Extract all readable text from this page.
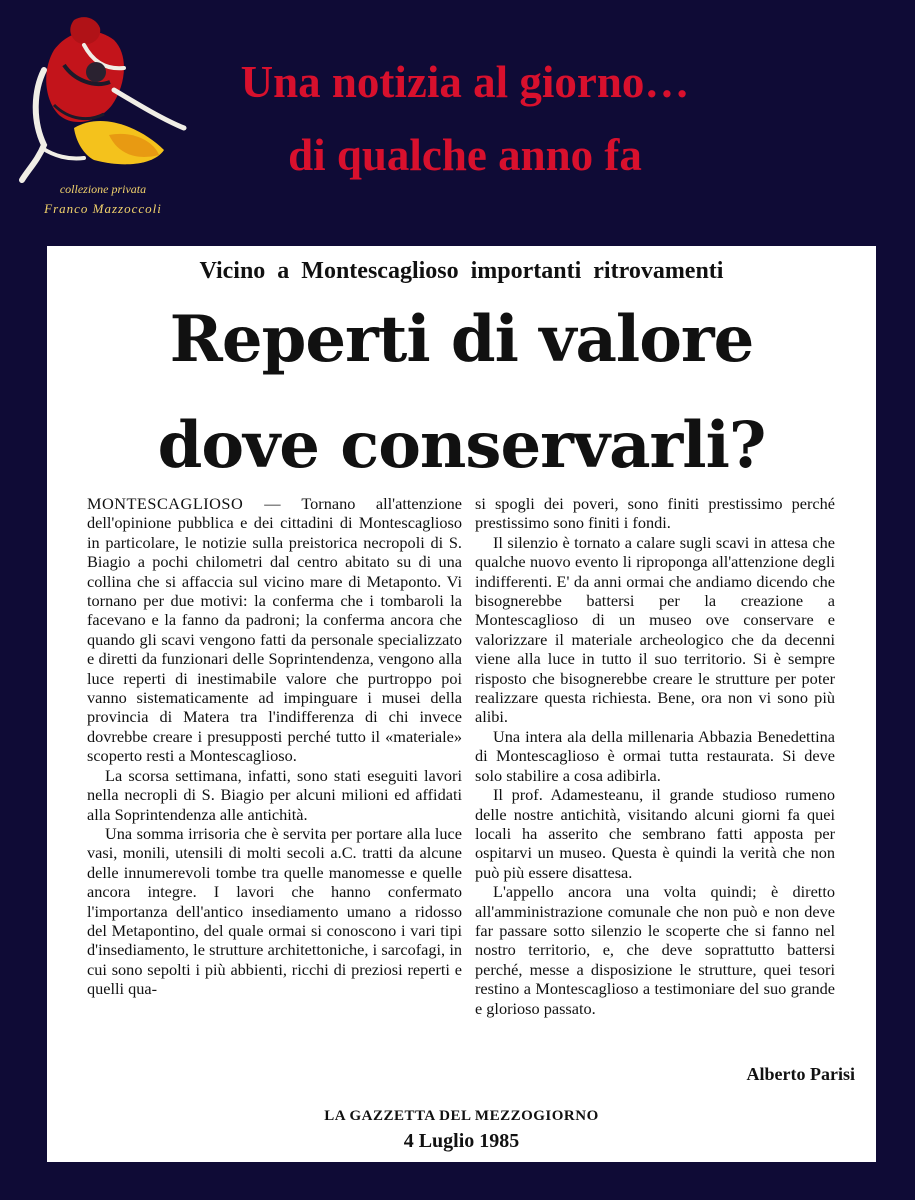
collezione privata
Franco Mazzoccoli
Una notizia al giorno…
di qualche anno fa
Vicino a Montescaglioso importanti ritrovamenti
Reperti di valore
dove conservarli?

MONTESCAGLIOSO — Tornano all'attenzione dell'opinione pubblica e dei cittadini di Montescaglioso in particolare, le notizie sulla preistorica necropoli di S. Biagio a pochi chilometri dal centro abitato su di una collina che si affaccia sul vicino mare di Metaponto. Vi tornano per due motivi: la conferma che i tombaroli la facevano e la fanno da padroni; la conferma ancora che quando gli scavi vengono fatti da personale specializzato e diretti da funzionari delle Soprintendenza, vengono alla luce reperti di inestimabile valore che purtroppo poi vanno sistematicamente ad impinguare i musei della provincia di Matera tra l'indifferenza di chi invece dovrebbe creare i presupposti perché tutto il «materiale» scoperto resti a Montescaglioso.

La scorsa settimana, infatti, sono stati eseguiti lavori nella necropli di S. Biagio per alcuni milioni ed affidati alla Soprintendenza alle antichità.

Una somma irrisoria che è servita per portare alla luce vasi, monili, utensili di molti secoli a.C. tratti da alcune delle innumerevoli tombe tra quelle manomesse e quelle ancora integre. I lavori che hanno confermato l'importanza dell'antico insediamento umano a ridosso del Metapontino, del quale ormai si conoscono i vari tipi d'insediamento, le strutture architettoniche, i sarcofagi, in cui sono sepolti i più abbienti, ricchi di preziosi reperti e quelli qua-

si spogli dei poveri, sono finiti prestissimo perché prestissimo sono finiti i fondi.

Il silenzio è tornato a calare sugli scavi in attesa che qualche nuovo evento li riproponga all'attenzione degli indifferenti. E' da anni ormai che andiamo dicendo che bisognerebbe battersi per la creazione a Montescaglioso di un museo ove conservare e valorizzare il materiale archeologico che da decenni viene alla luce in tutto il suo territorio. Si è sempre risposto che bisognerebbe creare le strutture per poter realizzare questa richiesta. Bene, ora non vi sono più alibi.

Una intera ala della millenaria Abbazia Benedettina di Montescaglioso è ormai tutta restaurata. Si deve solo stabilire a cosa adibirla.

Il prof. Adamesteanu, il grande studioso rumeno delle nostre antichità, visitando alcuni giorni fa quei locali ha asserito che sembrano fatti apposta per ospitarvi un museo. Questa è quindi la verità che non può più essere disattesa.

L'appello ancora una volta quindi; è diretto all'amministrazione comunale che non può e non deve far passare sotto silenzio le scoperte che si fanno nel nostro territorio, e, che deve soprattutto battersi perché, messe a disposizione le strutture, quei tesori restino a Montescaglioso a testimoniare del suo grande e glorioso passato.

Alberto Parisi
LA GAZZETTA DEL MEZZOGIORNO
4 Luglio 1985
